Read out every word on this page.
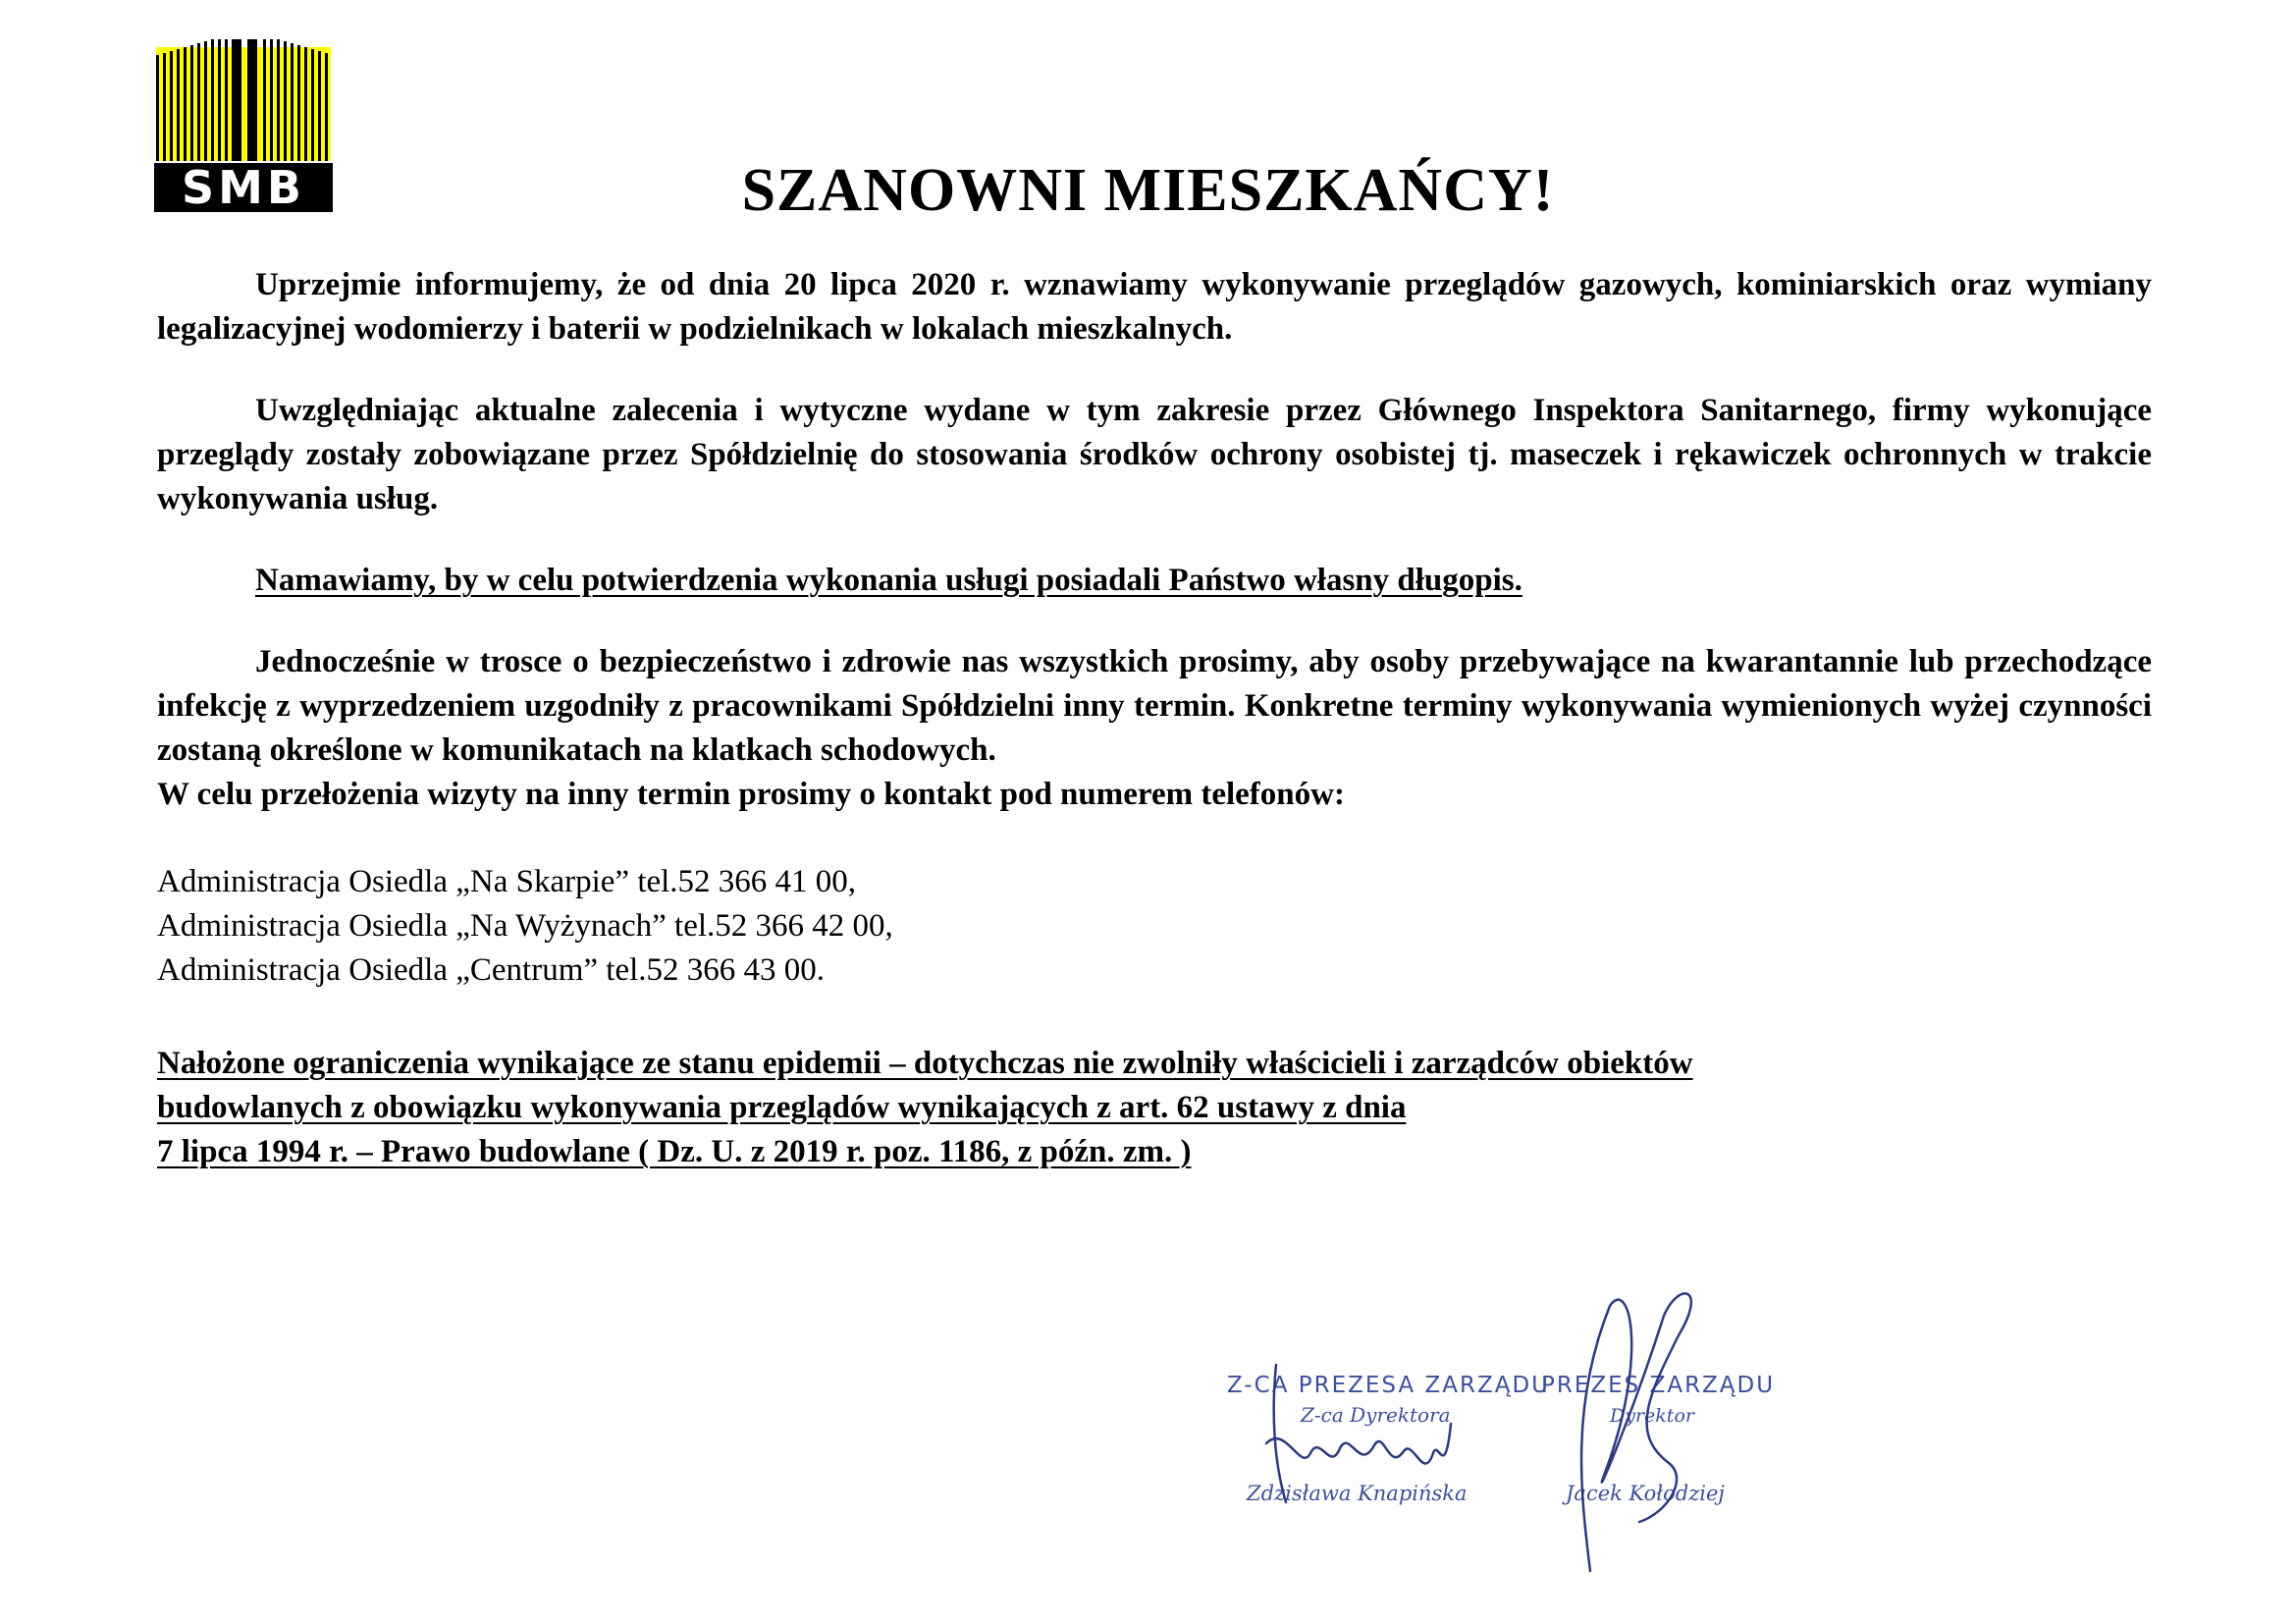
SMB	SZANOWNI MIESZKAŃCY!

Uprzejmie informujemy, że od dnia 20 lipca 2020 r. wznawiamy wykonywanie przeglądów gazowych, kominiarskich oraz wymiany legalizacyjnej wodomierzy i baterii w podzielnikach w lokalach mieszkalnych.

Uwzględniając aktualne zalecenia i wytyczne wydane w tym zakresie przez Głównego Inspektora Sanitarnego, firmy wykonujące przeglądy zostały zobowiązane przez Spółdzielnię do stosowania środków ochrony osobistej tj. maseczek i rękawiczek ochronnych w trakcie wykonywania usług.

Namawiamy, by w celu potwierdzenia wykonania usługi posiadali Państwo własny długopis.

Jednocześnie w trosce o bezpieczeństwo i zdrowie nas wszystkich prosimy, aby osoby przebywające na kwarantannie lub przechodzące infekcję z wyprzedzeniem uzgodniły z pracownikami Spółdzielni inny termin. Konkretne terminy wykonywania wymienionych wyżej czynności zostaną określone w komunikatach na klatkach schodowych.

W celu przełożenia wizyty na inny termin prosimy o kontakt pod numerem telefonów:

Administracja Osiedla „Na Skarpie” tel.52 366 41 00,

Administracja Osiedla „Na Wyżynach” tel.52 366 42 00,

Administracja Osiedla „Centrum” tel.52 366 43 00.

Nałożone ograniczenia wynikające ze stanu epidemii – dotychczas nie zwolniły właścicieli i zarządców obiektów
budowlanych z obowiązku wykonywania przeglądów wynikających z art. 62 ustawy z dnia
7 lipca 1994 r. – Prawo budowlane ( Dz. U. z 2019 r. poz. 1186, z późn. zm. )

Z-CA PREZESA ZARZĄDU
Z-ca Dyrektora
Zdzisława Knapińska
PREZES ZARZĄDU
Dyrektor
Jacek Kołodziej
